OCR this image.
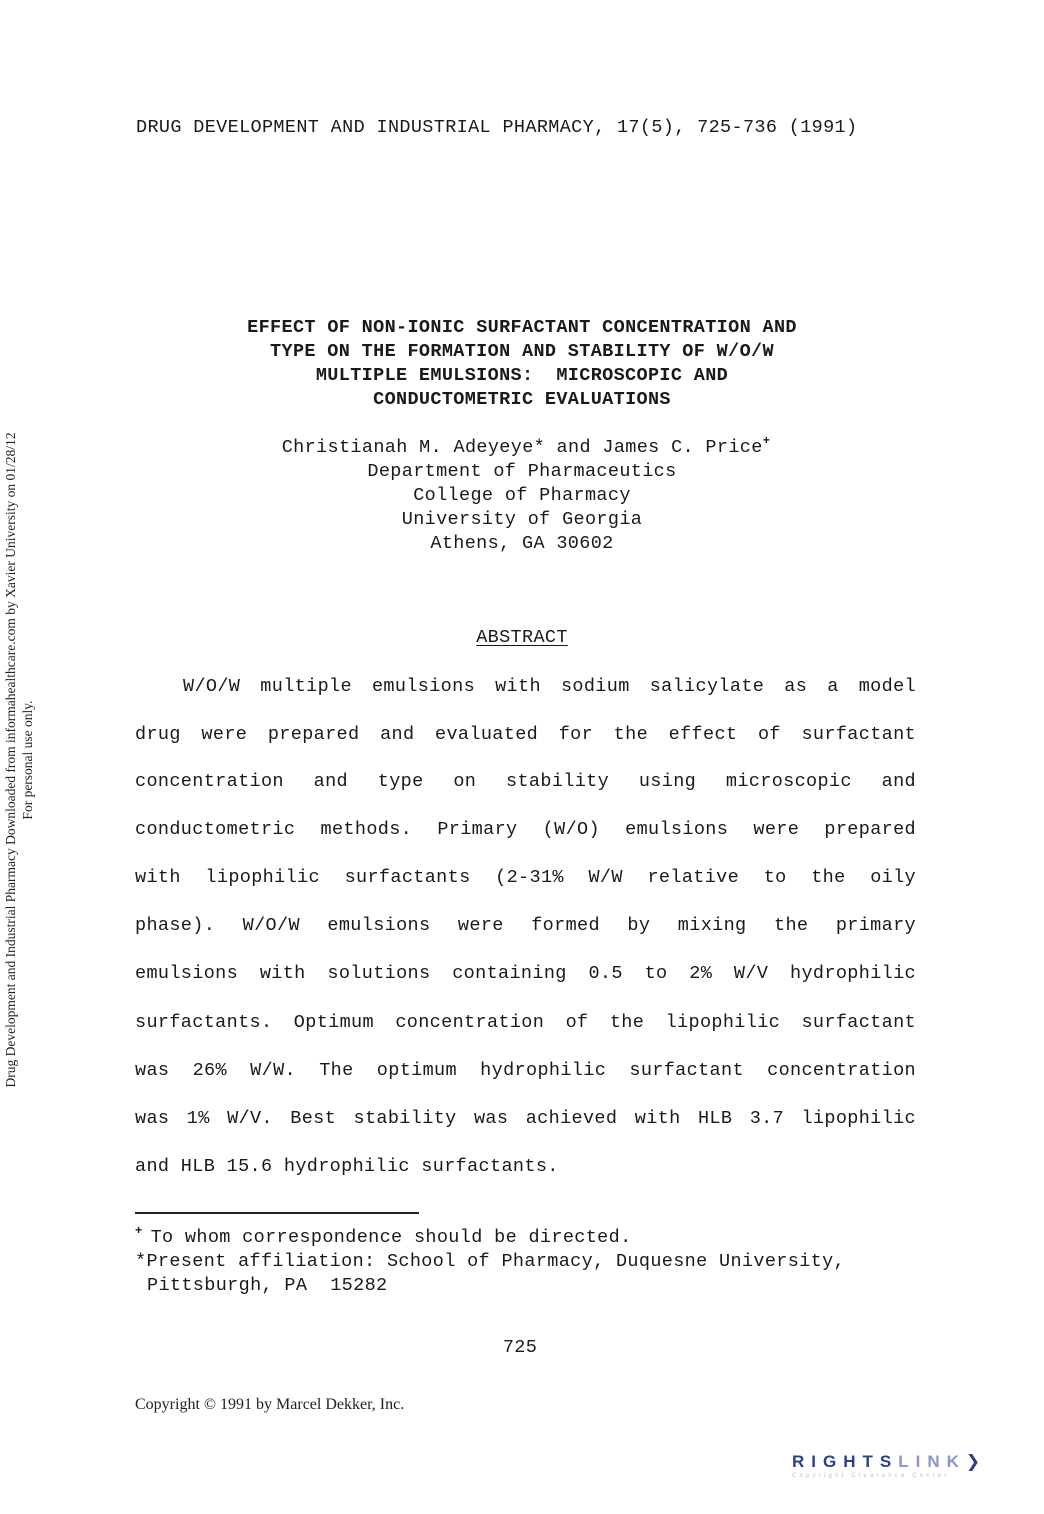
Drug Development and Industrial Pharmacy Downloaded from informahealthcare.com by Xavier University on 01/28/12 For personal use only.
DRUG DEVELOPMENT AND INDUSTRIAL PHARMACY, 17(5), 725-736 (1991)
EFFECT OF NON-IONIC SURFACTANT CONCENTRATION AND
TYPE ON THE FORMATION AND STABILITY OF W/O/W
MULTIPLE EMULSIONS:  MICROSCOPIC AND
CONDUCTOMETRIC EVALUATIONS
Christianah M. Adeyeye* and James C. Price+
Department of Pharmaceutics
College of Pharmacy
University of Georgia
Athens, GA 30602
ABSTRACT
W/O/W multiple emulsions with sodium salicylate as a model
drug were prepared and evaluated for the effect of surfactant
concentration and type on stability using microscopic and
conductometric methods. Primary (W/O) emulsions were prepared
with lipophilic surfactants (2-31% W/W relative to the oily
phase). W/O/W emulsions were formed by mixing the primary
emulsions with solutions containing 0.5 to 2% W/V hydrophilic
surfactants. Optimum concentration of the lipophilic surfactant
was 26% W/W. The optimum hydrophilic surfactant concentration
was 1% W/V. Best stability was achieved with HLB 3.7 lipophilic
and HLB 15.6 hydrophilic surfactants.
+ To whom correspondence should be directed.
*Present affiliation: School of Pharmacy, Duquesne University,
Pittsburgh, PA  15282
725
Copyright © 1991 by Marcel Dekker, Inc.
RIGHTSLINK❯
Copyright Clearance Center
